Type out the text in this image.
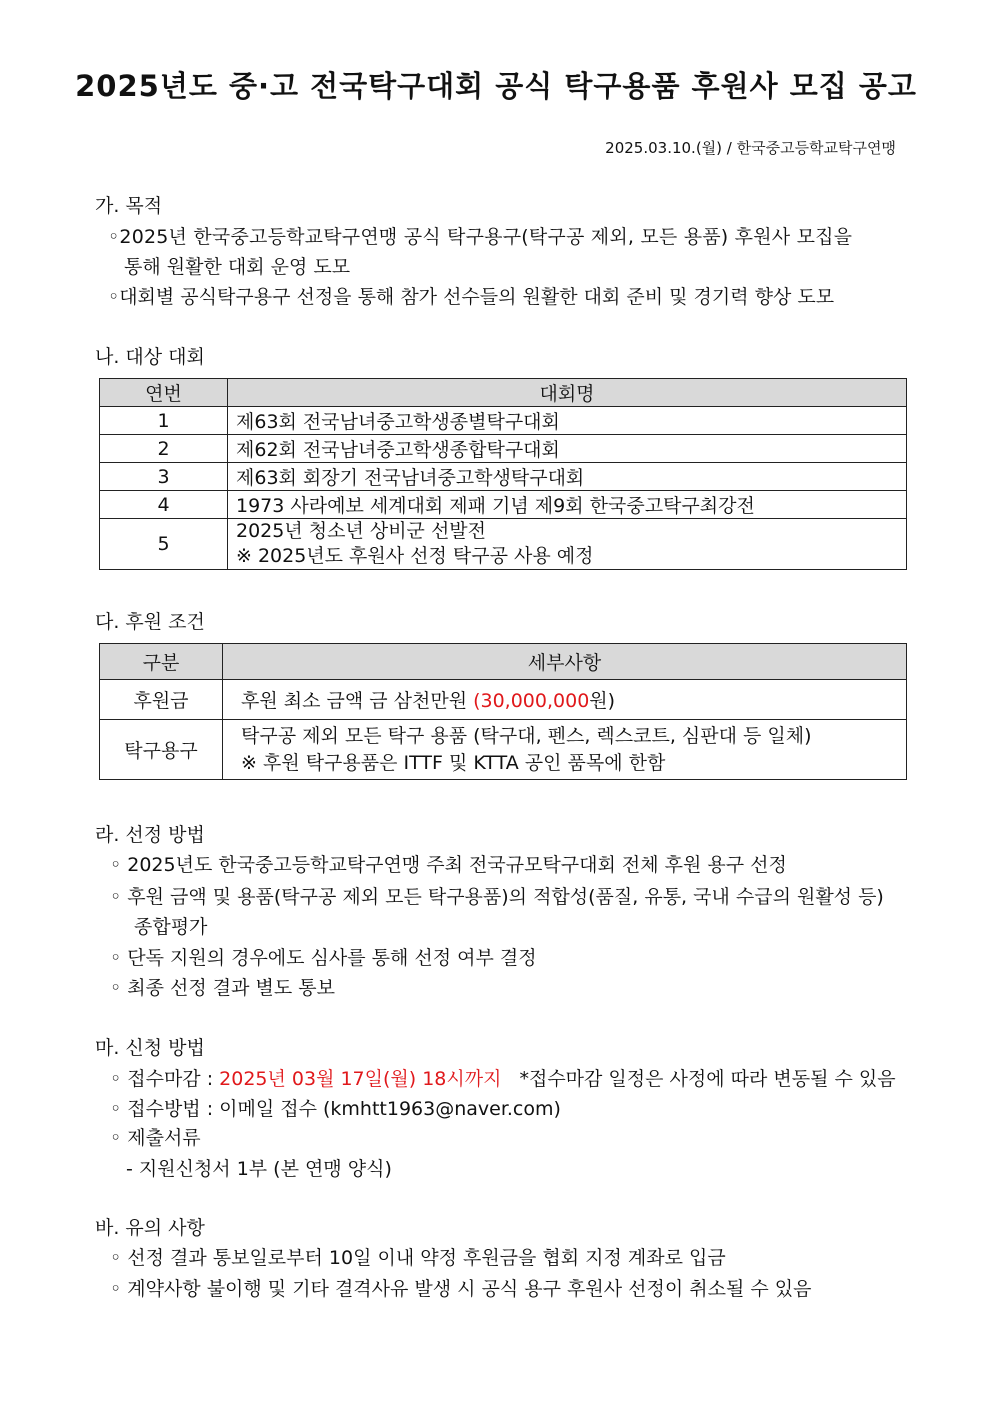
2025년도 중·고 전국탁구대회 공식 탁구용품 후원사 모집 공고
2025.03.10.(월) / 한국중고등학교탁구연맹
가. 목적
◦2025년 한국중고등학교탁구연맹 공식 탁구용구(탁구공 제외, 모든 용품) 후원사 모집을
통해 원활한 대회 운영 도모
◦대회별 공식탁구용구 선정을 통해 참가 선수들의 원활한 대회 준비 및 경기력 향상 도모
나. 대상 대회
연번	대회명
1	제63회 전국남녀중고학생종별탁구대회
2	제62회 전국남녀중고학생종합탁구대회
3	제63회 회장기 전국남녀중고학생탁구대회
4	1973 사라예보 세계대회 제패 기념 제9회 한국중고탁구최강전
5	2025년 청소년 상비군 선발전
※ 2025년도 후원사 선정 탁구공 사용 예정
다. 후원 조건
구분	세부사항
후원금	후원 최소 금액 금 삼천만원 (30,000,000원)
탁구용구	탁구공 제외 모든 탁구 용품 (탁구대, 펜스, 렉스코트, 심판대 등 일체)
※ 후원 탁구용품은 ITTF 및 KTTA 공인 품목에 한함
라. 선정 방법
◦ 2025년도 한국중고등학교탁구연맹 주최 전국규모탁구대회 전체 후원 용구 선정
◦ 후원 금액 및 용품(탁구공 제외 모든 탁구용품)의 적합성(품질, 유통, 국내 수급의 원활성 등)
종합평가
◦ 단독 지원의 경우에도 심사를 통해 선정 여부 결정
◦ 최종 선정 결과 별도 통보
마. 신청 방법
◦ 접수마감 : 2025년 03월 17일(월) 18시까지 *접수마감 일정은 사정에 따라 변동될 수 있음
◦ 접수방법 : 이메일 접수 (kmhtt1963@naver.com)
◦ 제출서류
- 지원신청서 1부 (본 연맹 양식)
바. 유의 사항
◦ 선정 결과 통보일로부터 10일 이내 약정 후원금을 협회 지정 계좌로 입금
◦ 계약사항 불이행 및 기타 결격사유 발생 시 공식 용구 후원사 선정이 취소될 수 있음
